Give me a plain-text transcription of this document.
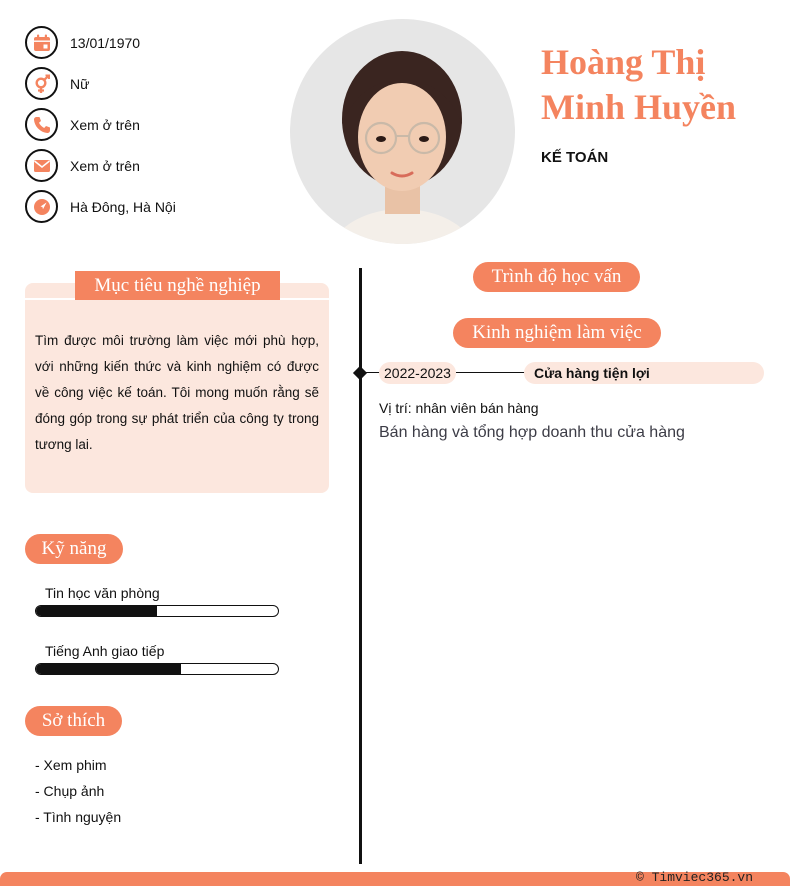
13/01/1970
Nữ
Xem ở trên
Xem ở trên
Hà Đông, Hà Nội
Hoàng Thị
Minh Huyền
KẾ TOÁN
Mục tiêu nghề nghiệp
Tìm được môi trường làm việc mới phù hợp, với những kiến thức và kinh nghiệm có được về công việc kế toán. Tôi mong muốn rằng sẽ đóng góp trong sự phát triển của công ty trong tương lai.
Kỹ năng
Tin học văn phòng
Tiếng Anh giao tiếp
Sở thích
- Xem phim
- Chụp ảnh
- Tình nguyện
Trình độ học vấn
Kinh nghiệm làm việc
2022-2023	Cửa hàng tiện lợi
Vị trí: nhân viên bán hàng
Bán hàng và tổng hợp doanh thu cửa hàng
© Timviec365.vn
